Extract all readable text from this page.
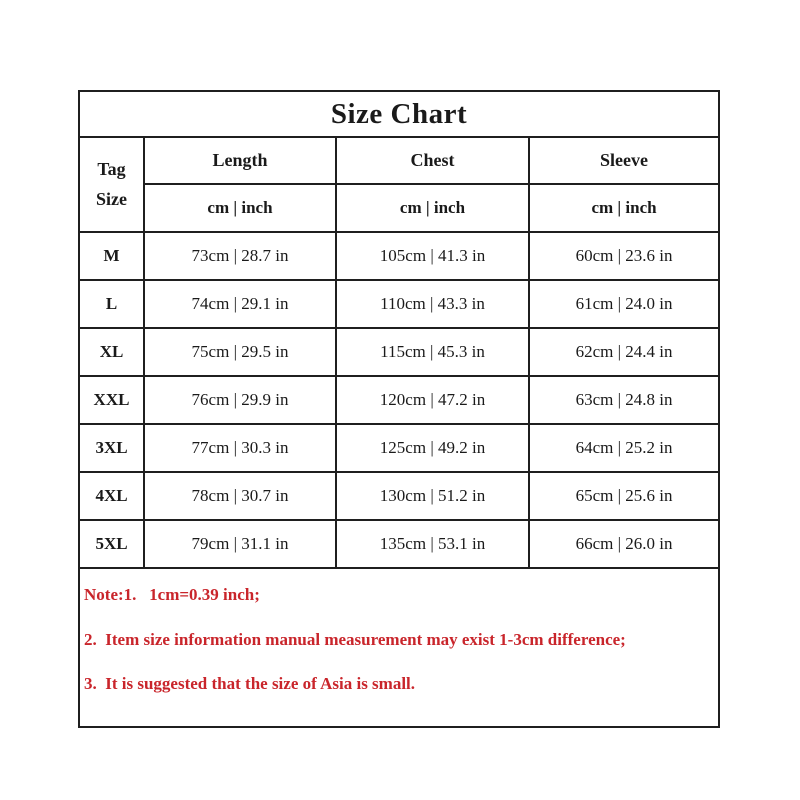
Size Chart			

Tag
Size	Length	Chest	Sleeve
	cm | inch	cm | inch	cm | inch
M	73cm | 28.7 in	105cm | 41.3 in	60cm | 23.6 in
L	74cm | 29.1 in	110cm | 43.3 in	61cm | 24.0 in
XL	75cm | 29.5 in	115cm | 45.3 in	62cm | 24.4 in
XXL	76cm | 29.9 in	120cm | 47.2 in	63cm | 24.8 in
3XL	77cm | 30.3 in	125cm | 49.2 in	64cm | 25.2 in
4XL	78cm | 30.7 in	130cm | 51.2 in	65cm | 25.6 in
5XL	79cm | 31.1 in	135cm | 53.1 in	66cm | 26.0 in

Note:1.   1cm=0.39 inch;

2.  Item size information manual measurement may exist 1-3cm difference;

3.  It is suggested that the size of Asia is small.			
